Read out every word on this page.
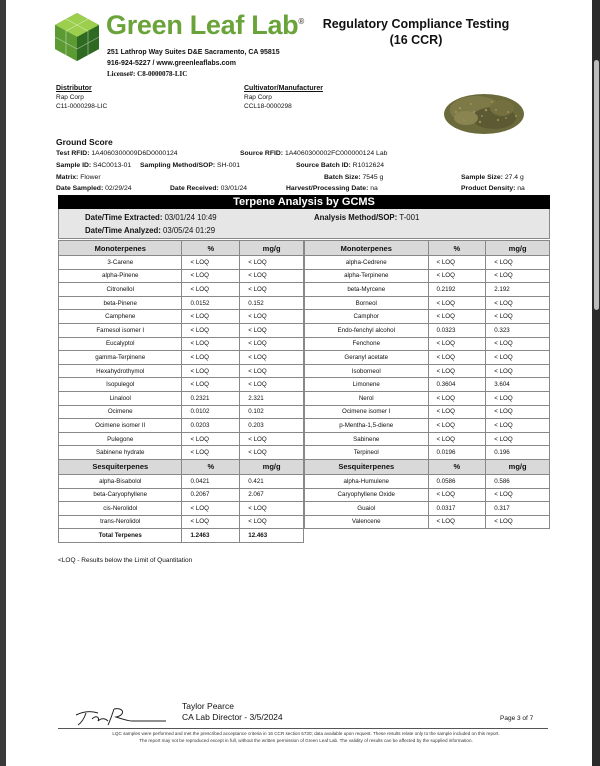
Green Leaf Lab®
251 Lathrop Way Suites D&E Sacramento, CA 95815
916-924-5227 / www.greenleaflabs.com
License#: C8-0000078-LIC
Regulatory Compliance Testing
(16 CCR)
Distributor
Rap Corp
C11-0000298-LIC
Cultivator/Manufacturer
Rap Corp
CCL18-0000298
Ground Score
Test RFID: 1A4060300009D6D0000124	Source RFID: 1A4060300002FC000000124 Lab
Sample ID: S4C0013-01 Sampling Method/SOP: SH-001	Source Batch ID: R1012624
Matrix: Flower	Batch Size: 7545 g	Sample Size: 27.4 g
Date Sampled: 02/29/24	Date Received: 03/01/24	Harvest/Processing Date: na	Product Density: na
Terpene Analysis by GCMS
Date/Time Extracted: 03/01/24 10:49
Date/Time Analyzed: 03/05/24 01:29
Analysis Method/SOP: T-001
Monoterpenes	%	mg/g
3-Carene	< LOQ	< LOQ
alpha-Pinene	< LOQ	< LOQ
Citronellol	< LOQ	< LOQ
beta-Pinene	0.0152	0.152
Camphene	< LOQ	< LOQ
Farnesol isomer I	< LOQ	< LOQ
Eucalyptol	< LOQ	< LOQ
gamma-Terpinene	< LOQ	< LOQ
Hexahydrothymol	< LOQ	< LOQ
Isopulegol	< LOQ	< LOQ
Linalool	0.2321	2.321
Ocimene	0.0102	0.102
Ocimene isomer II	0.0203	0.203
Pulegone	< LOQ	< LOQ
Sabinene hydrate	< LOQ	< LOQ
Sesquiterpenes	%	mg/g
alpha-Bisabolol	0.0421	0.421
beta-Caryophyllene	0.2067	2.067
cis-Nerolidol	< LOQ	< LOQ
trans-Nerolidol	< LOQ	< LOQ
Total Terpenes	1.2463	12.463
Monoterpenes	%	mg/g
alpha-Cedrene	< LOQ	< LOQ
alpha-Terpinene	< LOQ	< LOQ
beta-Myrcene	0.2192	2.192
Borneol	< LOQ	< LOQ
Camphor	< LOQ	< LOQ
Endo-fenchyl alcohol	0.0323	0.323
Fenchone	< LOQ	< LOQ
Geranyl acetate	< LOQ	< LOQ
Isoborneol	< LOQ	< LOQ
Limonene	0.3604	3.604
Nerol	< LOQ	< LOQ
Ocimene isomer I	< LOQ	< LOQ
p-Mentha-1,5-diene	< LOQ	< LOQ
Sabinene	< LOQ	< LOQ
Terpineol	0.0196	0.196
Sesquiterpenes	%	mg/g
alpha-Humulene	0.0586	0.586
Caryophyllene Oxide	< LOQ	< LOQ
Guaiol	0.0317	0.317
Valencene	< LOQ	< LOQ
<LOQ - Results below the Limit of Quantitation
Taylor Pearce
CA Lab Director - 3/5/2024	Page 3 of 7
LQC samples were performed and met the prescribed acceptance criteria in 16 CCR section 5730; data available upon request. These results relate only to the sample included on this report.
The report may not be reproduced except in full, without the written permission of Green Leaf Lab. The validity of results can be affected by the supplied information.
